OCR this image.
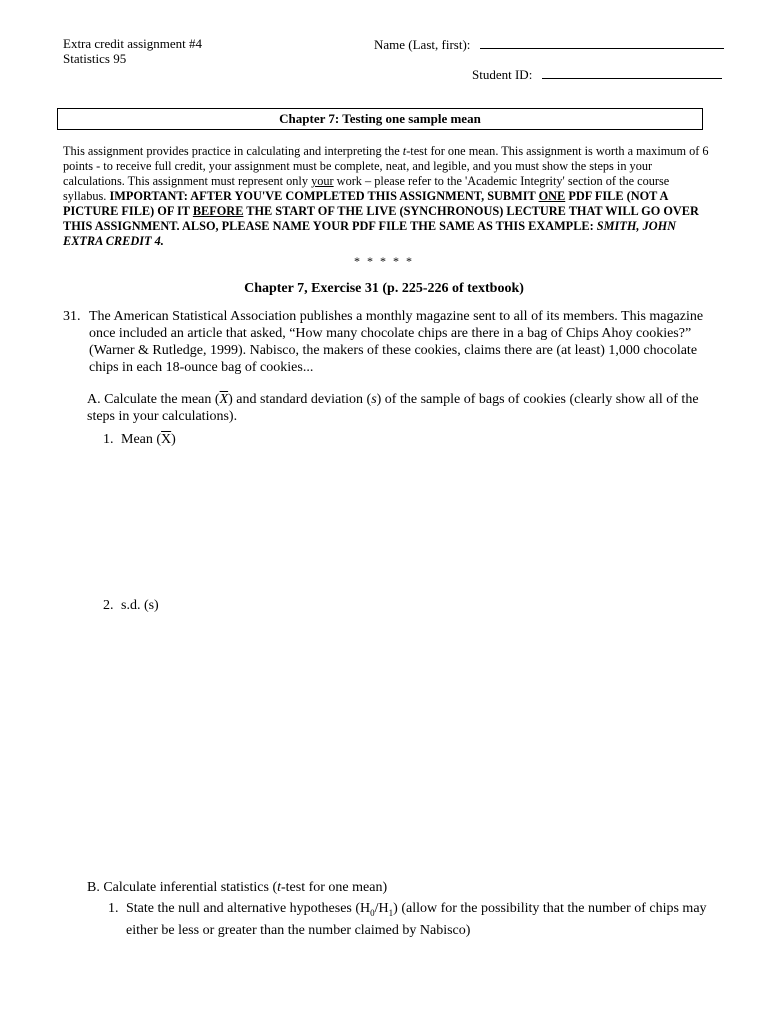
Extra credit assignment #4
Statistics 95
Name (Last, first):
Student ID:
Chapter 7: Testing one sample mean
This assignment provides practice in calculating and interpreting the t-test for one mean. This assignment is worth a maximum of 6 points - to receive full credit, your assignment must be complete, neat, and legible, and you must show the steps in your calculations. This assignment must represent only your work – please refer to the 'Academic Integrity' section of the course syllabus. IMPORTANT: AFTER YOU'VE COMPLETED THIS ASSIGNMENT, SUBMIT ONE PDF FILE (NOT A PICTURE FILE) OF IT BEFORE THE START OF THE LIVE (SYNCHRONOUS) LECTURE THAT WILL GO OVER THIS ASSIGNMENT. ALSO, PLEASE NAME YOUR PDF FILE THE SAME AS THIS EXAMPLE: SMITH, JOHN EXTRA CREDIT 4.
* * * * *
Chapter 7, Exercise 31 (p. 225-226 of textbook)
31. The American Statistical Association publishes a monthly magazine sent to all of its members. This magazine once included an article that asked, “How many chocolate chips are there in a bag of Chips Ahoy cookies?” (Warner & Rutledge, 1999). Nabisco, the makers of these cookies, claims there are (at least) 1,000 chocolate chips in each 18-ounce bag of cookies...
A. Calculate the mean $(\overline{X})$ and standard deviation (s) of the sample of bags of cookies (clearly show all of the steps in your calculations).
1. Mean $(\overline{X})$
2. s.d. (s)
B. Calculate inferential statistics (t-test for one mean)
1. State the null and alternative hypotheses $(H_0/H_1)$ (allow for the possibility that the number of chips may either be less or greater than the number claimed by Nabisco)
